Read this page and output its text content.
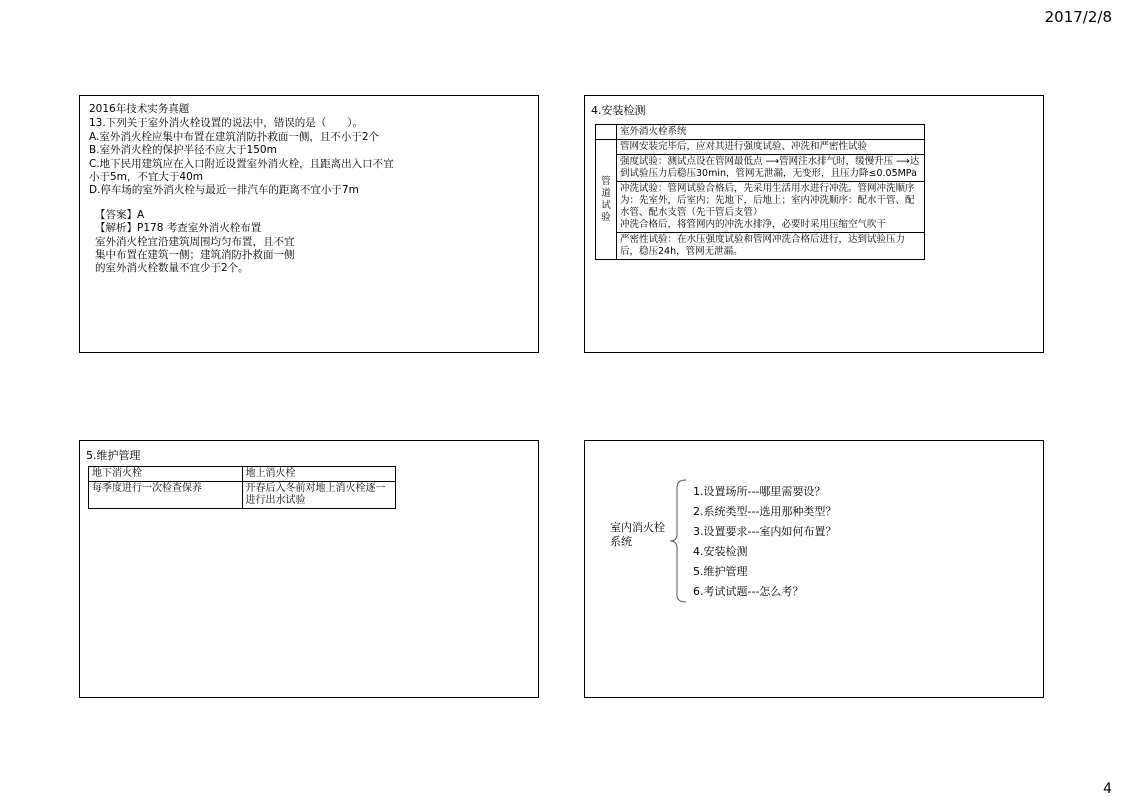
2017/2/8
2016年技术实务真题
13.下列关于室外消火栓设置的说法中，错误的是（　　）。
A.室外消火栓应集中布置在建筑消防扑救面一侧，且不小于2个
B.室外消火栓的保护半径不应大于150m
C.地下民用建筑应在入口附近设置室外消火栓，且距离出入口不宜小于5m，不宜大于40m
D.停车场的室外消火栓与最近一排汽车的距离不宜小于7m
【答案】A
【解析】P178 考查室外消火栓布置
室外消火栓宜沿建筑周围均匀布置，且不宜
集中布置在建筑一侧；建筑消防扑救面一侧
的室外消火栓数量不宜少于2个。
4.安装检测
	室外消火栓系统

管
道
试
验	管网安装完毕后，应对其进行强度试验、冲洗和严密性试验
	强度试验：测试点设在管网最低点 ⟶管网注水排气时，缓慢升压 ⟶达到试验压力后稳压30min，管网无泄漏，无变形，且压力降≤0.05MPa
	冲洗试验：管网试验合格后，先采用生活用水进行冲洗。管网冲洗顺序为：先室外，后室内；先地下，后地上；室内冲洗顺序：配水干管、配水管、配水支管（先干管后支管）
冲洗合格后，将管网内的冲洗水排净，必要时采用压缩空气吹干
	严密性试验：在水压强度试验和管网冲洗合格后进行，达到试验压力后，稳压24h，管网无泄漏。
5.维护管理
地下消火栓	地上消火栓
每季度进行一次检查保养	开春后入冬前对地上消火栓逐一进行出水试验
室内消火栓系统
1.设置场所---哪里需要设？
2.系统类型---选用那种类型？
3.设置要求---室内如何布置？
4.安装检测
5.维护管理
6.考试试题---怎么考？
4
